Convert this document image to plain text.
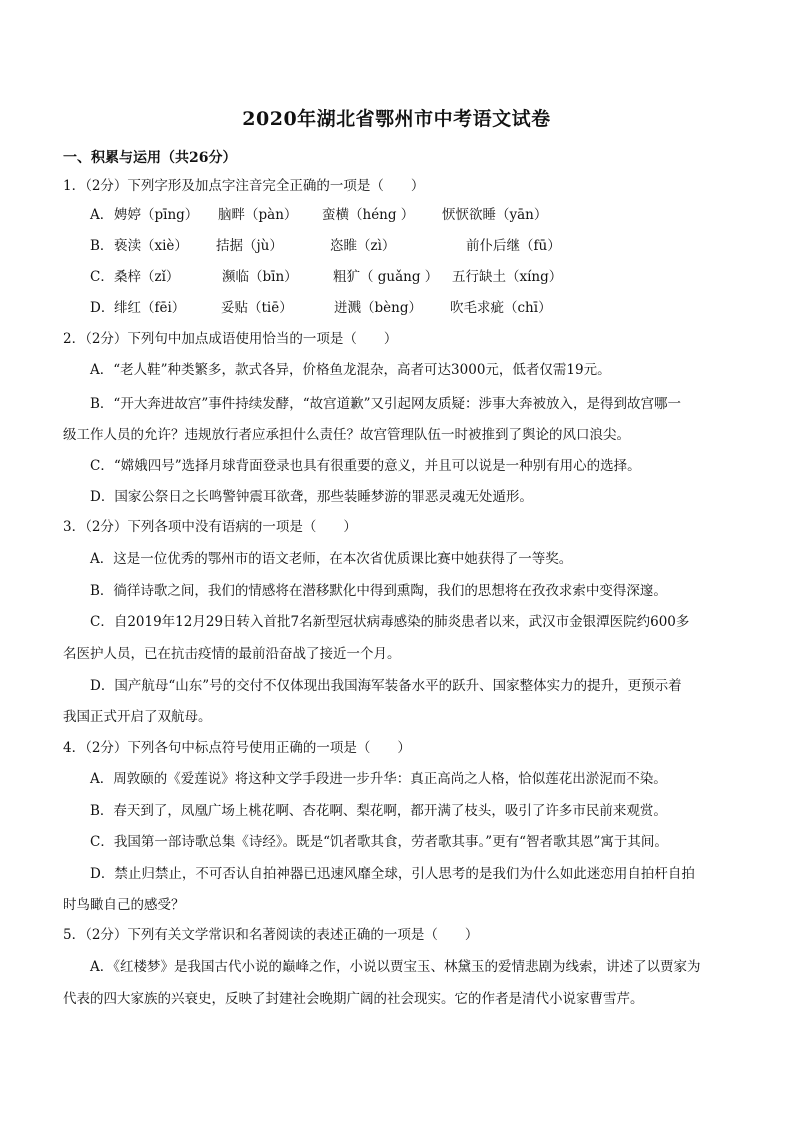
2020年湖北省鄂州市中考语文试卷
一、积累与运用（共26分）
1．（2分）下列字形及加点字注音完全正确的一项是（　　）
A． 娉婷（pīng） 脑畔（pàn） 蛮横（héng ） 恹恹欲睡（yān）
B． 亵渎（xiè） 拮据（jù）	恣睢（zì）	前仆后继（fū）
C． 桑梓（zǐ）	濒临（bīn）	粗犷（ guǎng ） 五行缺土（xíng）
D． 绯红（fēi）	妥贴（tiē）	迸溅（bèng） 吹毛求疵（chī）
2．（2分）下列句中加点成语使用恰当的一项是（　　）
A．“老人鞋”种类繁多，款式各异，价格鱼龙混杂，高者可达3000元，低者仅需19元。
B．“开大奔进故宫”事件持续发酵，“故宫道歉”又引起网友质疑：涉事大奔被放入，是得到故宫哪一
级工作人员的允许？违规放行者应承担什么责任？故宫管理队伍一时被推到了舆论的风口浪尖。
C．“嫦娥四号”选择月球背面登录也具有很重要的意义，并且可以说是一种别有用心的选择。
D．国家公祭日之长鸣警钟震耳欲聋，那些装睡梦游的罪恶灵魂无处遁形。
3．（2分）下列各项中没有语病的一项是（　　）
A．这是一位优秀的鄂州市的语文老师，在本次省优质课比赛中她获得了一等奖。
B．徜徉诗歌之间，我们的情感将在潜移默化中得到熏陶，我们的思想将在孜孜求索中变得深邃。
C．自2019年12月29日转入首批7名新型冠状病毒感染的肺炎患者以来，武汉市金银潭医院约600多
名医护人员，已在抗击疫情的最前沿奋战了接近一个月。
D．国产航母“山东”号的交付不仅体现出我国海军装备水平的跃升、国家整体实力的提升，更预示着
我国正式开启了双航母。
4．（2分）下列各句中标点符号使用正确的一项是（　　）
A．周敦颐的《爱莲说》将这种文学手段进一步升华：真正高尚之人格，恰似莲花出淤泥而不染。
B．春天到了，凤凰广场上桃花啊、杏花啊、梨花啊，都开满了枝头，吸引了许多市民前来观赏。
C．我国第一部诗歌总集《诗经》。既是“饥者歌其食，劳者歌其事。”更有“智者歌其恩”寓于其间。
D．禁止归禁止，不可否认自拍神器已迅速风靡全球，引人思考的是我们为什么如此迷恋用自拍杆自拍
时鸟瞰自己的感受？
5．（2分）下列有关文学常识和名著阅读的表述正确的一项是（　　）
A．《红楼梦》是我国古代小说的巅峰之作，小说以贾宝玉、林黛玉的爱情悲剧为线索，讲述了以贾家为
代表的四大家族的兴衰史，反映了封建社会晚期广阔的社会现实。它的作者是清代小说家曹雪芹。
